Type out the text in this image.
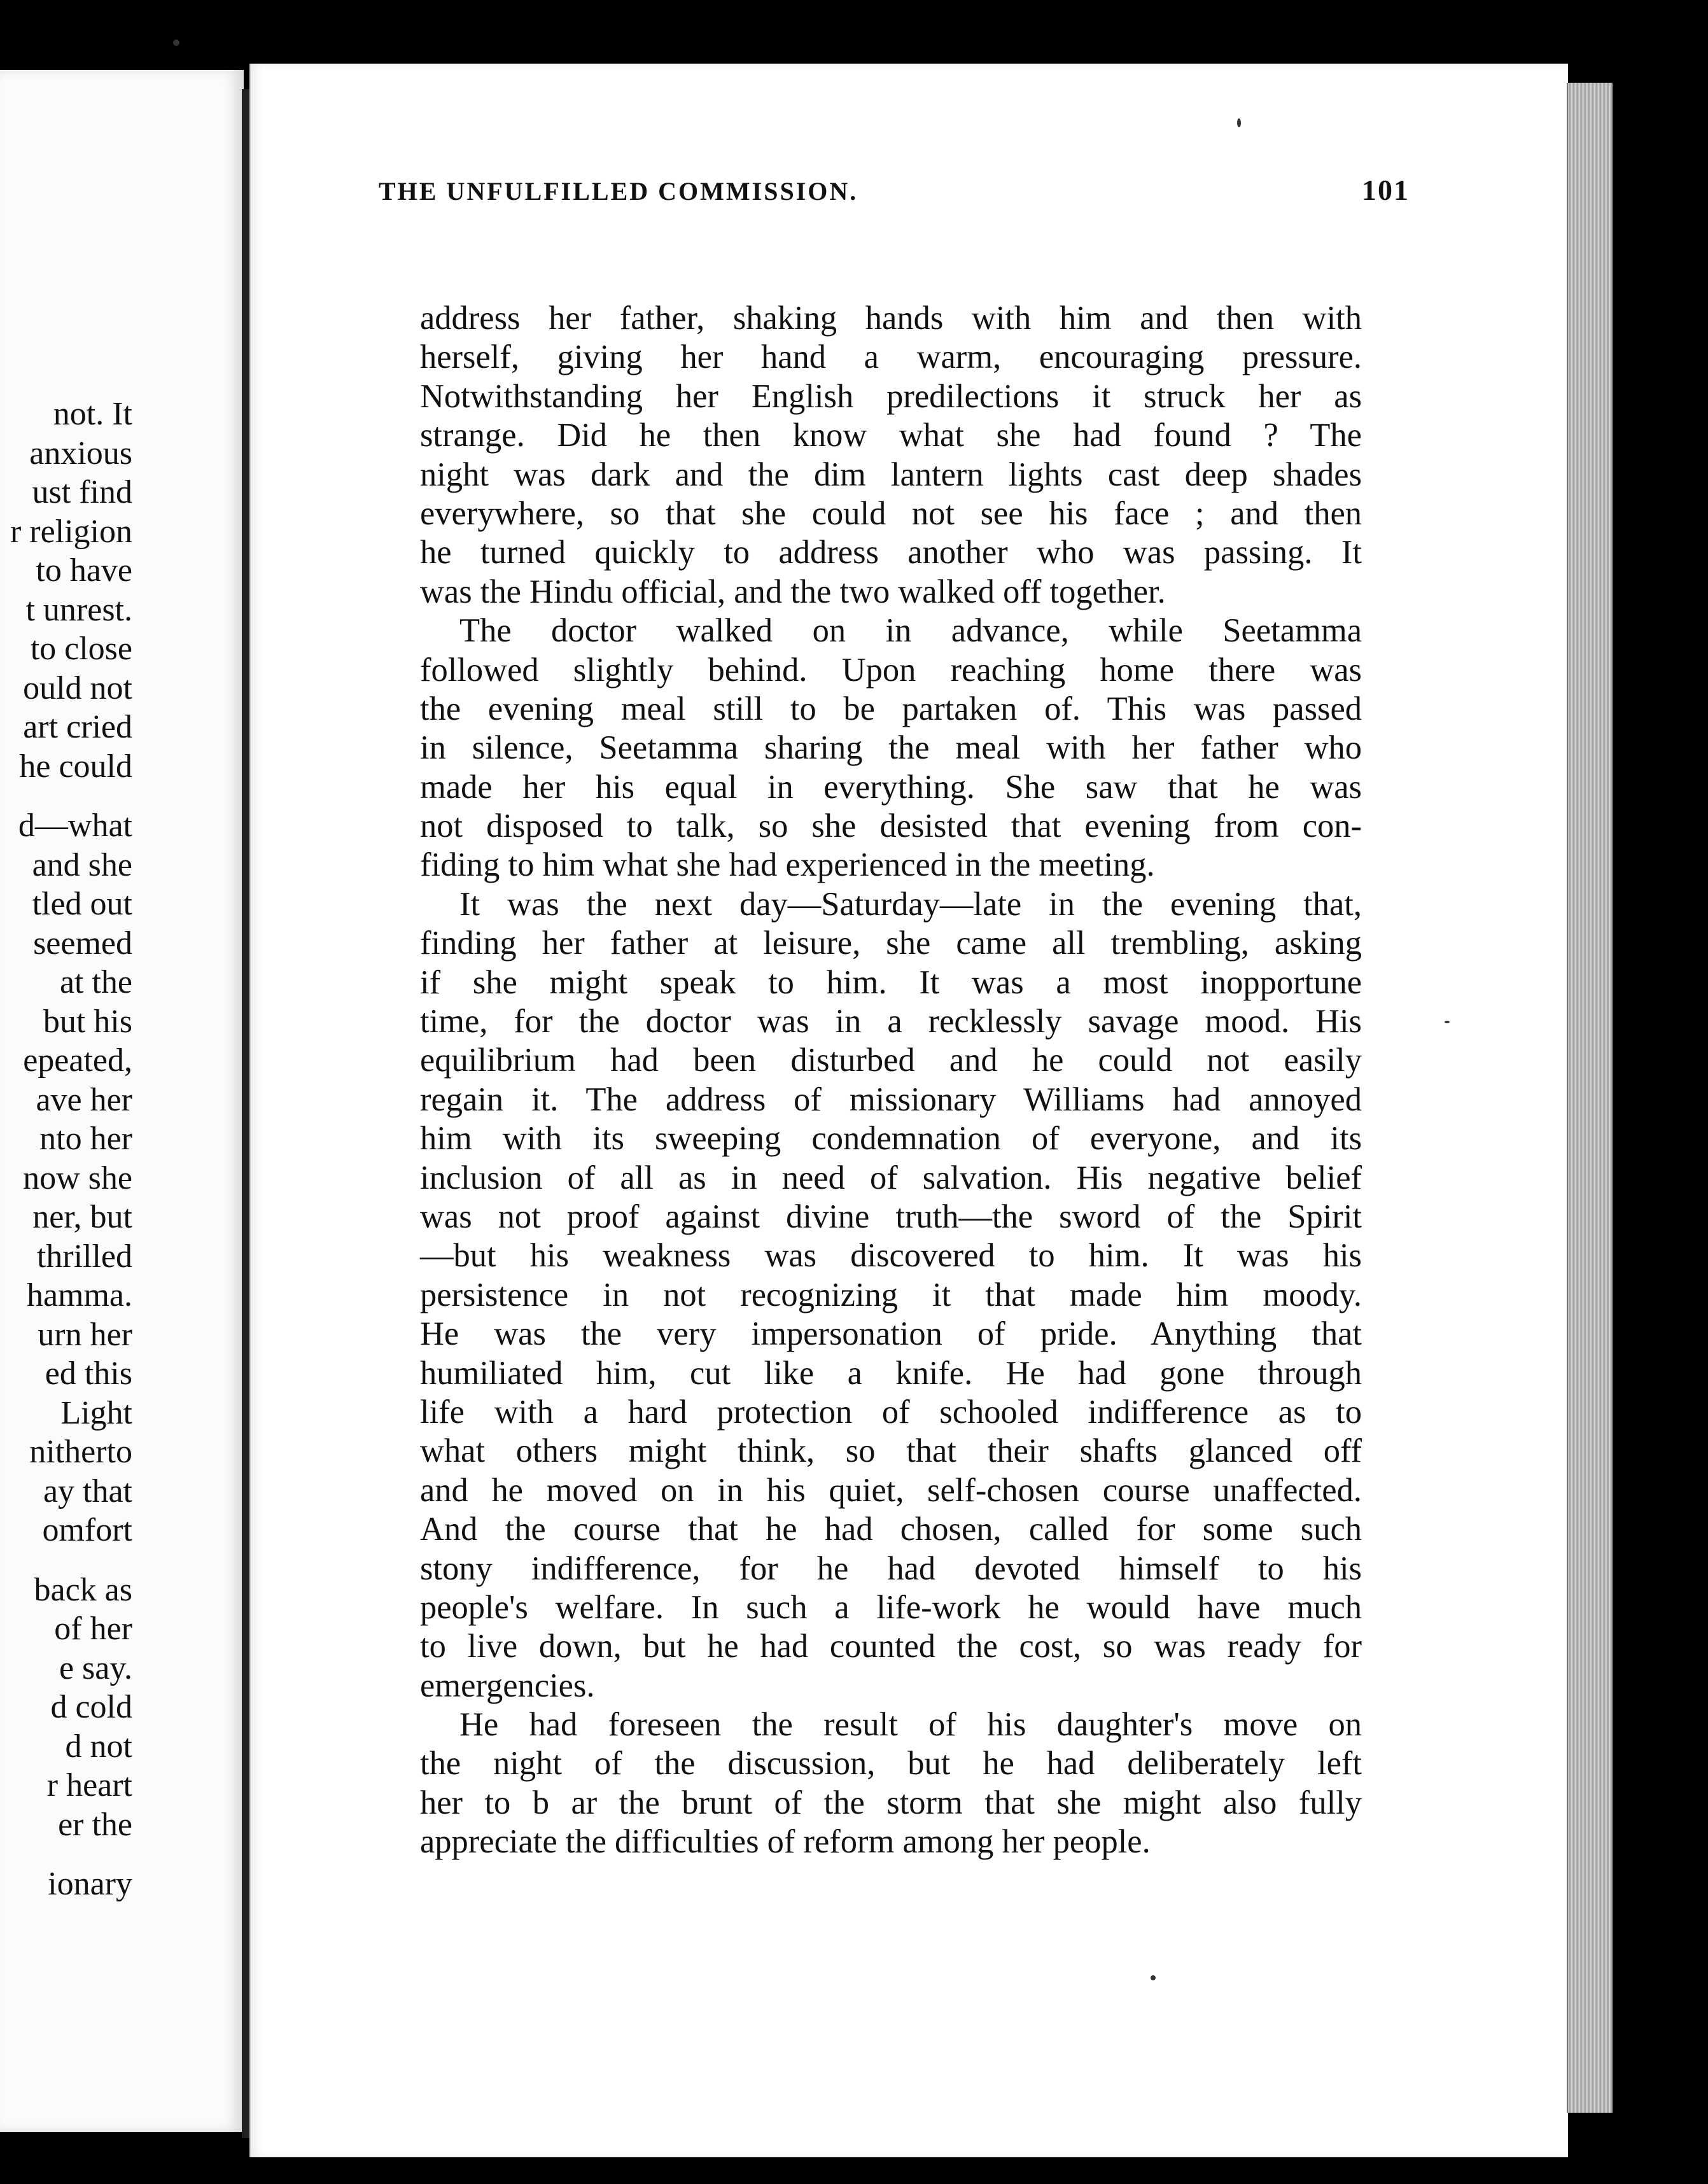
not. It
anxious
ust find
r religion
to have
t unrest.
to close
ould not
art cried
he could
d—what
and she
tled out
seemed
at the
but his
epeated,
ave her
nto her
now she
ner, but
thrilled
hamma.
urn her
ed this
Light
nitherto
ay that
omfort
back as
of her
e say.
d cold
d not
r heart
er the
ionary
THE UNFULFILLED COMMISSION.	101
address her father, shaking hands with him and then with
herself, giving her hand a warm, encouraging pressure.
Notwithstanding her English predilections it struck her as
strange. Did he then know what she had found ? The
night was dark and the dim lantern lights cast deep shades
everywhere, so that she could not see his face ; and then
he turned quickly to address another who was passing. It
was the Hindu official, and the two walked off together.
The doctor walked on in advance, while Seetamma
followed slightly behind. Upon reaching home there was
the evening meal still to be partaken of. This was passed
in silence, Seetamma sharing the meal with her father who
made her his equal in everything. She saw that he was
not disposed to talk, so she desisted that evening from con-
fiding to him what she had experienced in the meeting.
It was the next day—Saturday—late in the evening that,
finding her father at leisure, she came all trembling, asking
if she might speak to him. It was a most inopportune
time, for the doctor was in a recklessly savage mood. His
equilibrium had been disturbed and he could not easily
regain it. The address of missionary Williams had annoyed
him with its sweeping condemnation of everyone, and its
inclusion of all as in need of salvation. His negative belief
was not proof against divine truth—the sword of the Spirit
—but his weakness was discovered to him. It was his
persistence in not recognizing it that made him moody.
He was the very impersonation of pride. Anything that
humiliated him, cut like a knife. He had gone through
life with a hard protection of schooled indifference as to
what others might think, so that their shafts glanced off
and he moved on in his quiet, self-chosen course unaffected.
And the course that he had chosen, called for some such
stony indifference, for he had devoted himself to his
people's welfare. In such a life-work he would have much
to live down, but he had counted the cost, so was ready for
emergencies.
He had foreseen the result of his daughter's move on
the night of the discussion, but he had deliberately left
her to b ar the brunt of the storm that she might also fully
appreciate the difficulties of reform among her people.
